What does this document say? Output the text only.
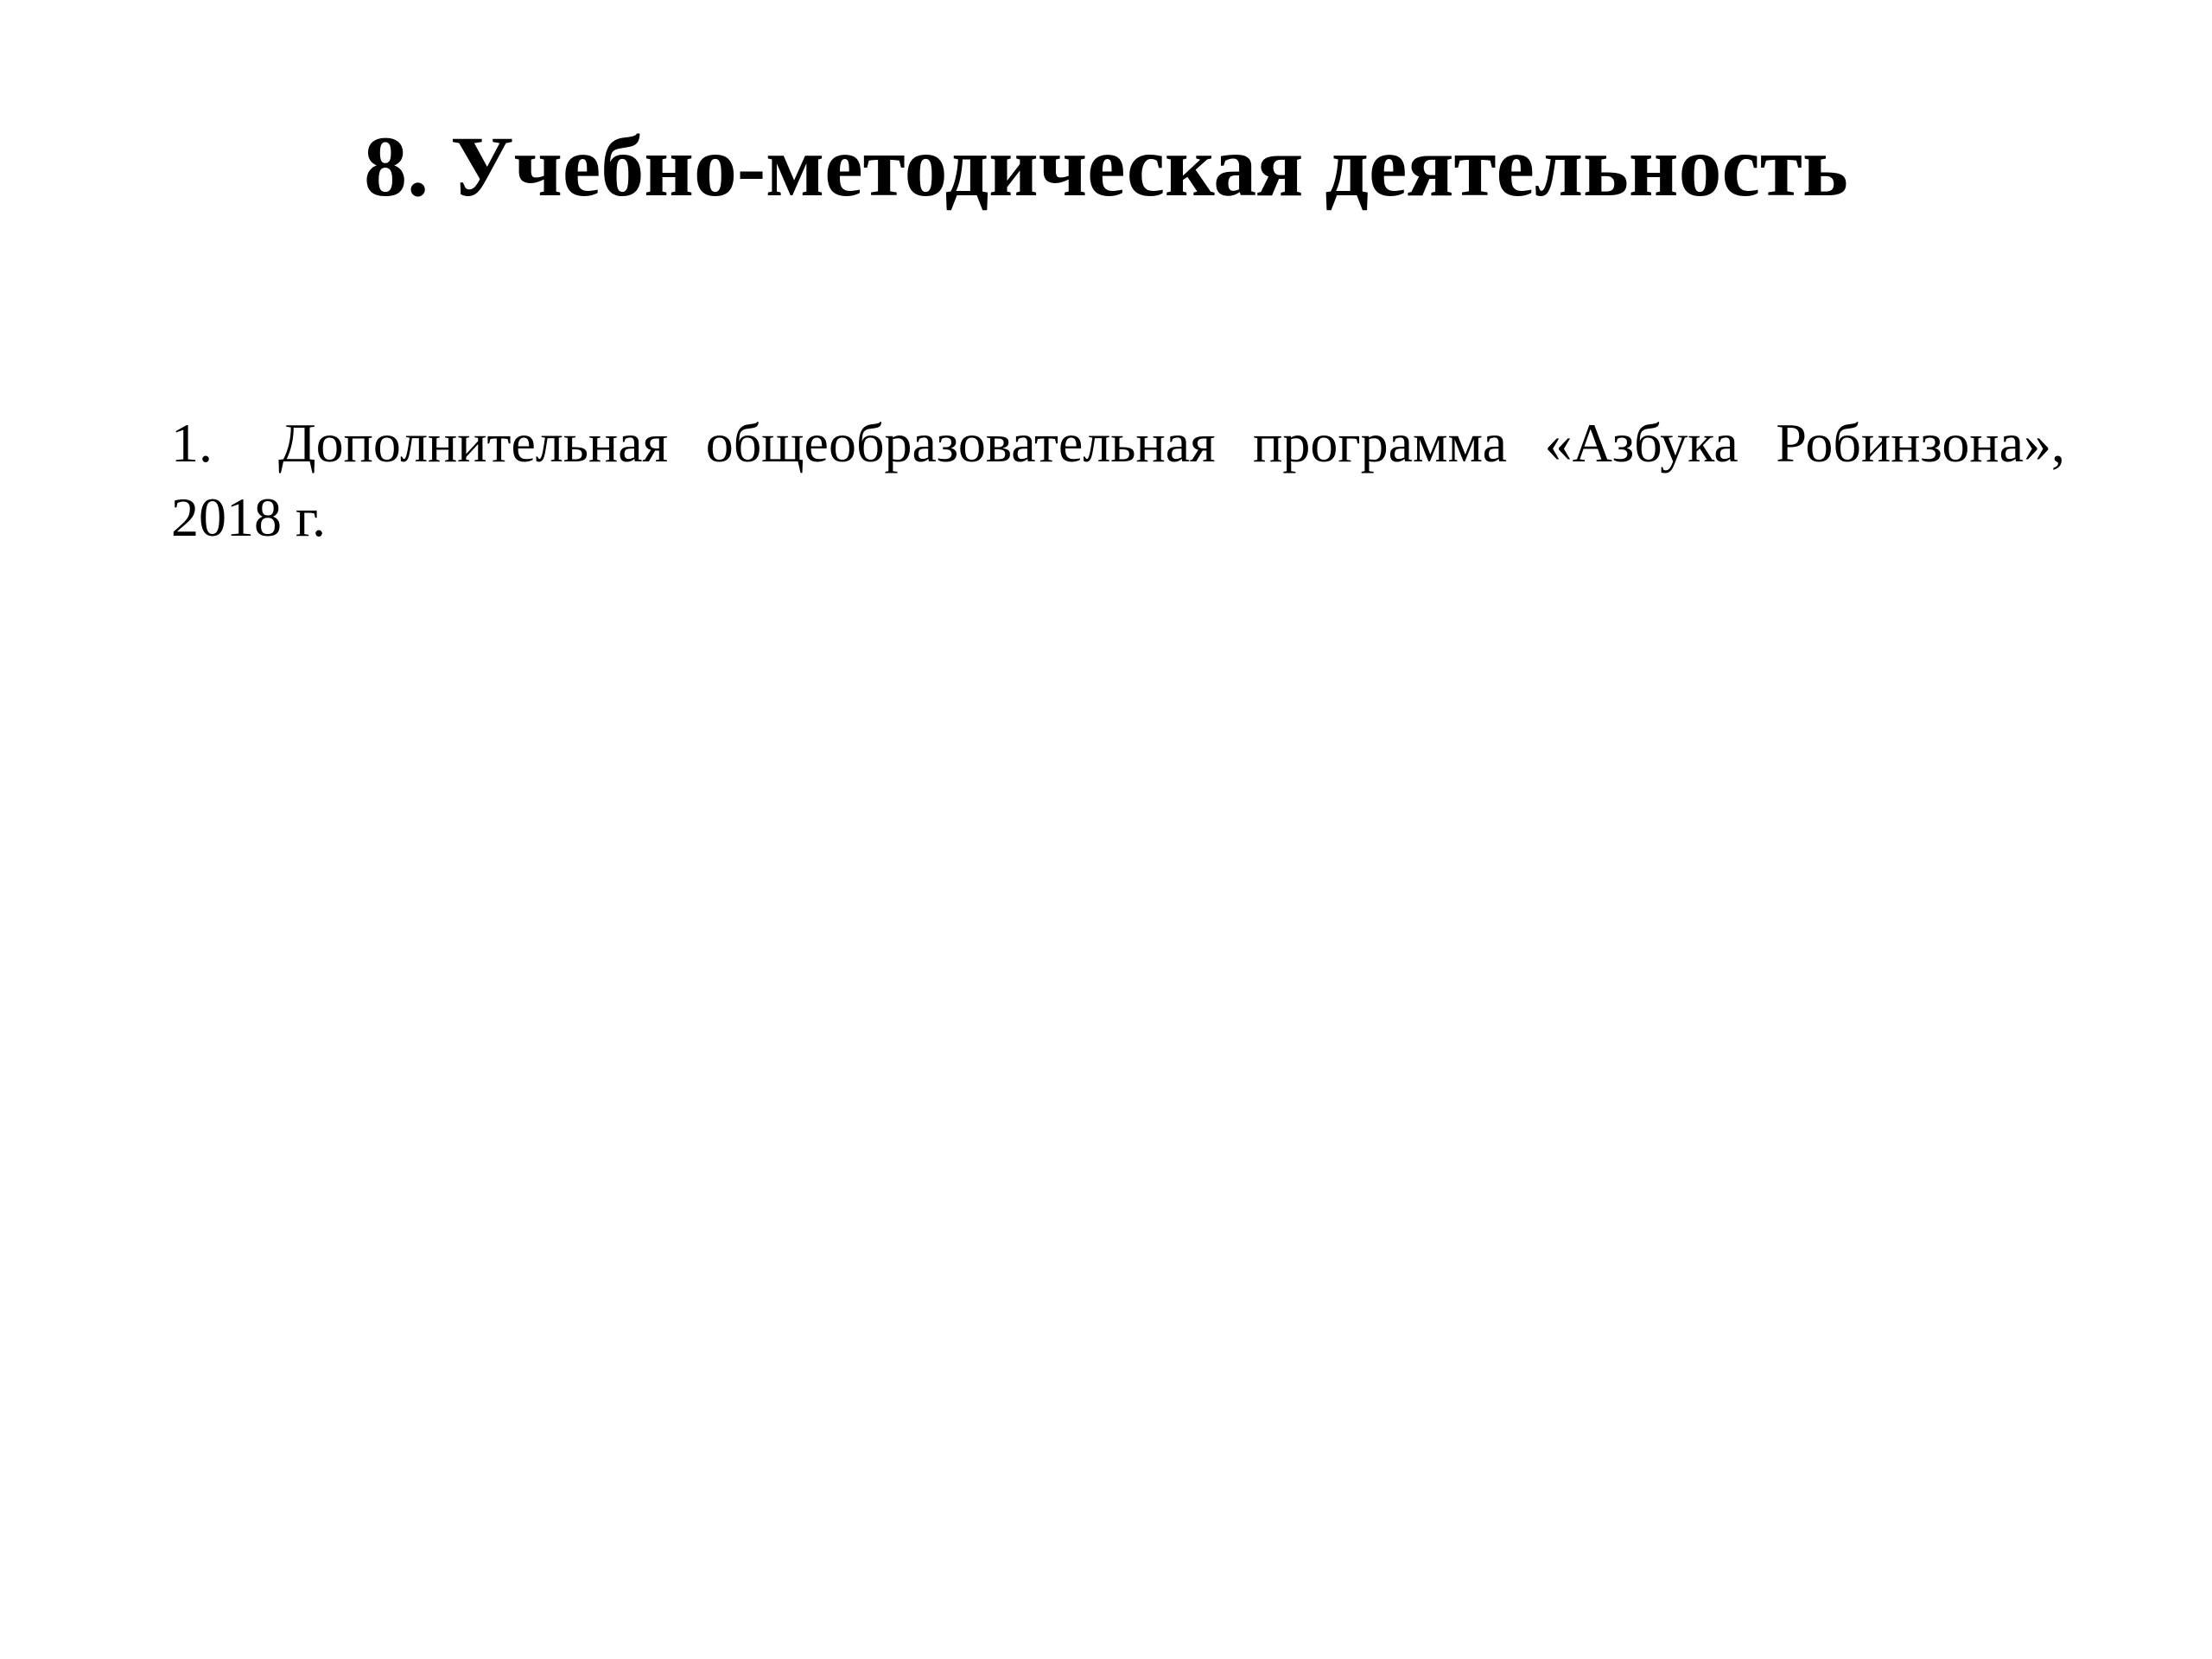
8. Учебно-методическая деятельность
1. Дополнительная общеобразовательная программа «Азбука Робинзона», 2018 г.
